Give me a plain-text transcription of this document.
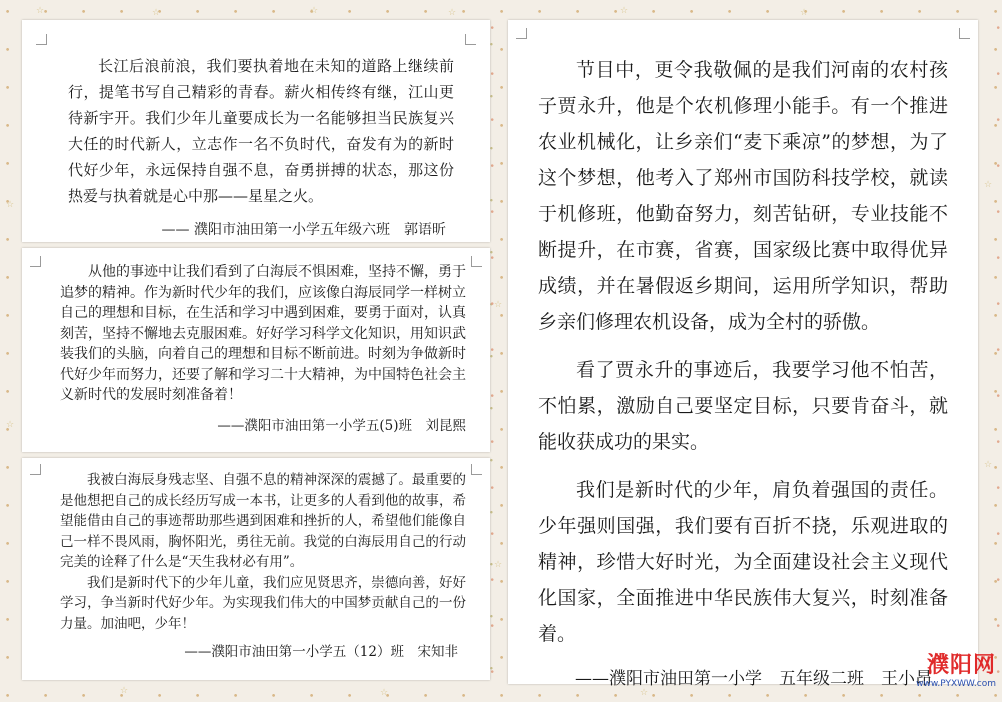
☆	☆	☆	☆	☆	☆
☆
☆
☆
☆
☆
☆
☆	☆	☆

长江后浪前浪，我们要执着地在未知的道路上继续前行，提笔书写自己精彩的青春。薪火相传终有继，江山更待新宇开。我们少年儿童要成长为一名能够担当民族复兴大任的时代新人，立志作一名不负时代，奋发有为的新时代好少年，永远保持自强不息，奋勇拼搏的状态，那这份热爱与执着就是心中那——星星之火。

—— 濮阳市油田第一小学五年级六班　郭语昕

从他的事迹中让我们看到了白海辰不惧困难，坚持不懈，勇于追梦的精神。作为新时代少年的我们，应该像白海辰同学一样树立自己的理想和目标，在生活和学习中遇到困难，要勇于面对，认真刻苦，坚持不懈地去克服困难。好好学习科学文化知识，用知识武装我们的头脑，向着自己的理想和目标不断前进。时刻为争做新时代好少年而努力，还要了解和学习二十大精神，为中国特色社会主义新时代的发展时刻准备着！

——濮阳市油田第一小学五(5)班　刘昆熙

我被白海辰身残志坚、自强不息的精神深深的震撼了。最重要的是他想把自己的成长经历写成一本书，让更多的人看到他的故事，希望能借由自己的事迹帮助那些遇到困难和挫折的人，希望他们能像自己一样不畏风雨，胸怀阳光，勇往无前。我觉的白海辰用自己的行动完美的诠释了什么是“天生我材必有用”。

我们是新时代下的少年儿童，我们应见贤思齐，崇德向善，好好学习，争当新时代好少年。为实现我们伟大的中国梦贡献自己的一份力量。加油吧，少年！

——濮阳市油田第一小学五（12）班　宋知非

节目中，更令我敬佩的是我们河南的农村孩子贾永升，他是个农机修理小能手。有一个推进农业机械化，让乡亲们“麦下乘凉”的梦想，为了这个梦想，他考入了郑州市国防科技学校，就读于机修班，他勤奋努力，刻苦钻研，专业技能不断提升，在市赛，省赛，国家级比赛中取得优异成绩，并在暑假返乡期间，运用所学知识，帮助乡亲们修理农机设备，成为全村的骄傲。

看了贾永升的事迹后，我要学习他不怕苦，不怕累，激励自己要坚定目标，只要肯奋斗，就能收获成功的果实。

我们是新时代的少年，肩负着强国的责任。少年强则国强，我们要有百折不挠，乐观进取的精神，珍惜大好时光，为全面建设社会主义现代化国家，全面推进中华民族伟大复兴，时刻准备着。

——濮阳市油田第一小学　五年级二班　王小昂

濮阳网
www.PYXWW.com
